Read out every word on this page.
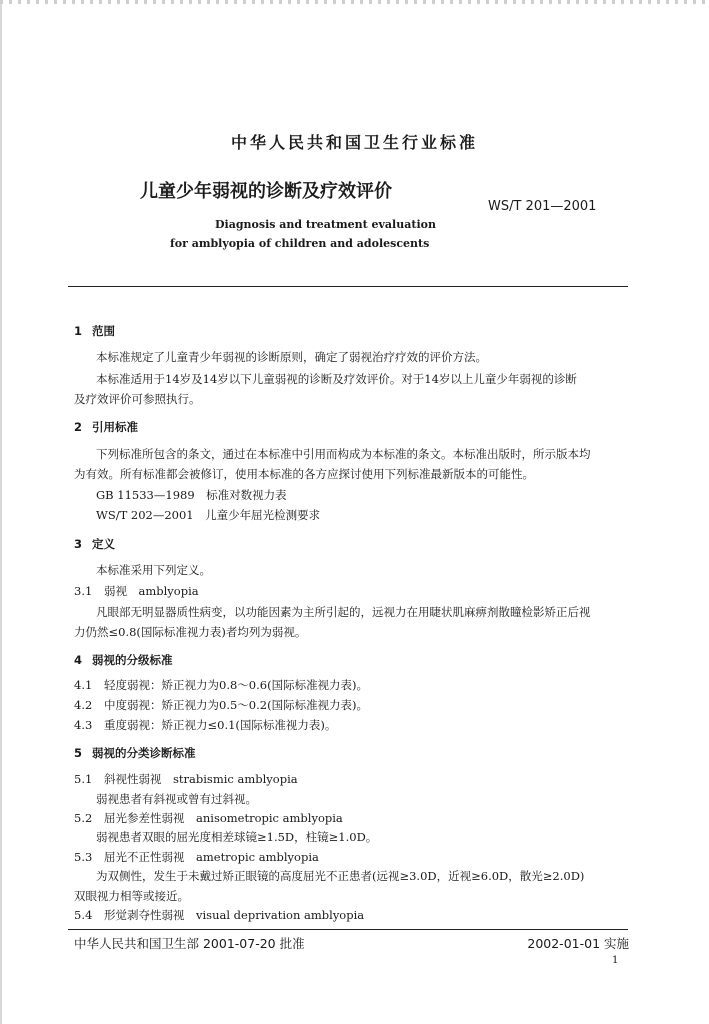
中华人民共和国卫生行业标准
儿童少年弱视的诊断及疗效评价
WS/T 201—2001
Diagnosis and treatment evaluation
for amblyopia of children and adolescents
1 范围
本标准规定了儿童青少年弱视的诊断原则，确定了弱视治疗疗效的评价方法。
本标准适用于14岁及14岁以下儿童弱视的诊断及疗效评价。对于14岁以上儿童少年弱视的诊断
及疗效评价可参照执行。
2 引用标准
下列标准所包含的条文，通过在本标准中引用而构成为本标准的条文。本标准出版时，所示版本均
为有效。所有标准都会被修订，使用本标准的各方应探讨使用下列标准最新版本的可能性。
GB 11533—1989　标准对数视力表
WS/T 202—2001　儿童少年屈光检测要求
3 定义
本标准采用下列定义。
3.1 弱视　amblyopia
凡眼部无明显器质性病变，以功能因素为主所引起的，远视力在用睫状肌麻痹剂散瞳检影矫正后视
力仍然≤0.8(国际标准视力表)者均列为弱视。
4 弱视的分级标准
4.1 轻度弱视：矫正视力为0.8～0.6(国际标准视力表)。
4.2 中度弱视：矫正视力为0.5～0.2(国际标准视力表)。
4.3 重度弱视：矫正视力≤0.1(国际标准视力表)。
5 弱视的分类诊断标准
5.1 斜视性弱视　strabismic amblyopia
弱视患者有斜视或曾有过斜视。
5.2 屈光参差性弱视　anisometropic amblyopia
弱视患者双眼的屈光度相差球镜≥1.5D，柱镜≥1.0D。
5.3 屈光不正性弱视　ametropic amblyopia
为双侧性，发生于未戴过矫正眼镜的高度屈光不正患者(远视≥3.0D，近视≥6.0D，散光≥2.0D)
双眼视力相等或接近。
5.4 形觉剥夺性弱视　visual deprivation amblyopia
中华人民共和国卫生部 2001-07-20 批准	2002-01-01 实施
1
